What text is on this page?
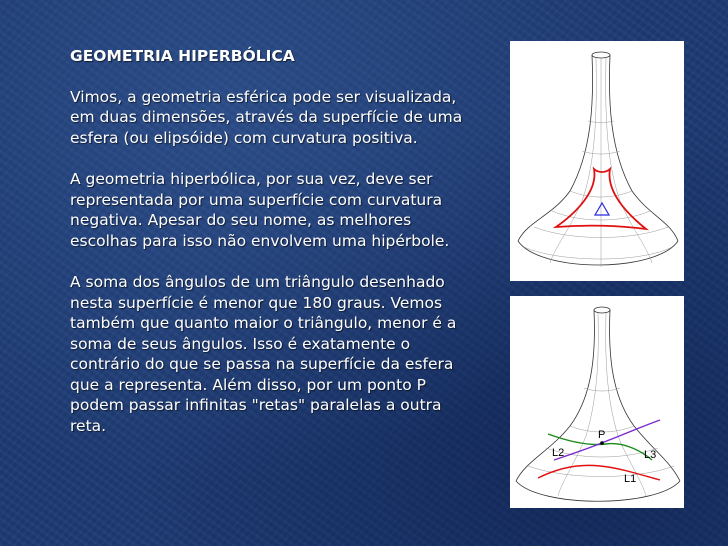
GEOMETRIA HIPERBÓLICA

Vimos, a geometria esférica pode ser visualizada,
em duas dimensões, através da superfície de uma
esfera (ou elipsóide) com curvatura positiva.

A geometria hiperbólica, por sua vez, deve ser
representada por uma superfície com curvatura
negativa. Apesar do seu nome, as melhores
escolhas para isso não envolvem uma hipérbole.

A soma dos ângulos de um triângulo desenhado
nesta superfície é menor que 180 graus. Vemos
também que quanto maior o triângulo, menor é a
soma de seus ângulos. Isso é exatamente o
contrário do que se passa na superfície da esfera
que a representa. Além disso, por um ponto P
podem passar infinitas "retas" paralelas a outra
reta.

P
L2	L3
L1
